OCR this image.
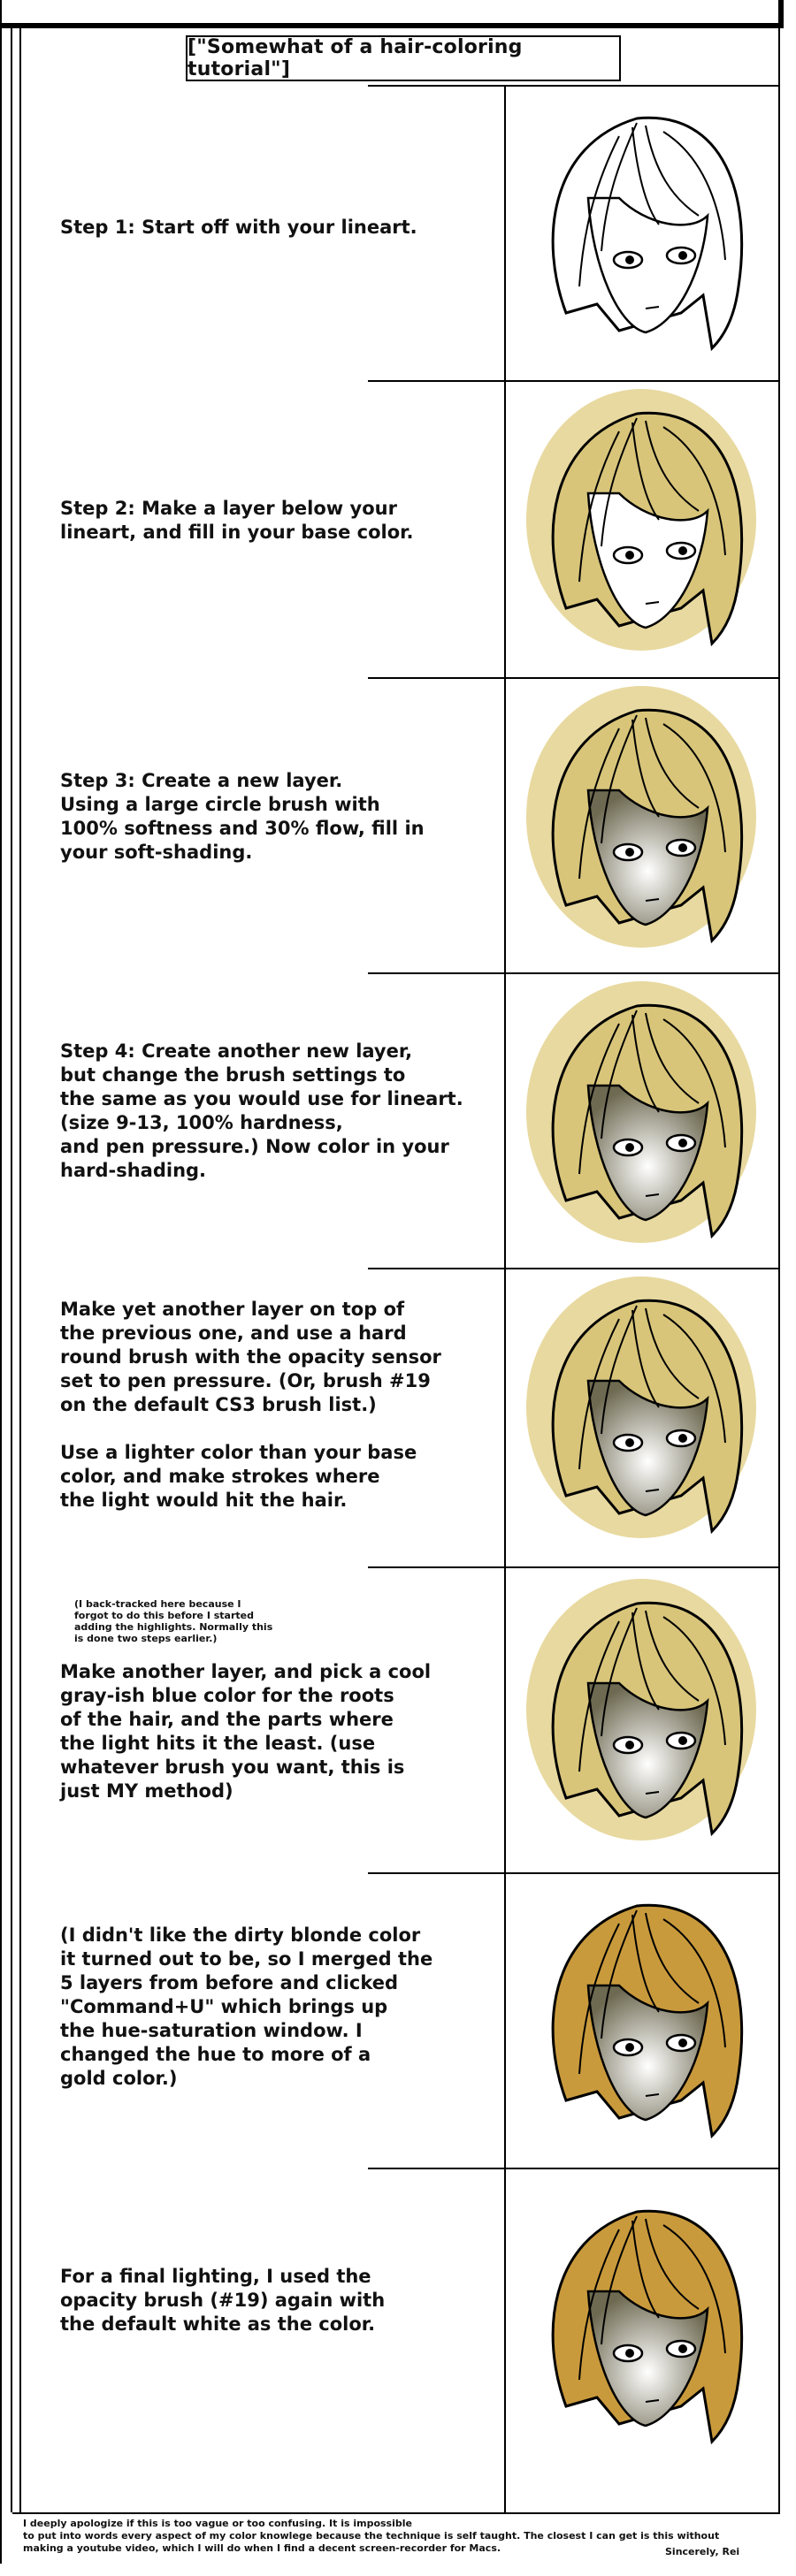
["Somewhat of a hair-coloring tutorial"]
Step 1: Start off with your lineart.
Step 2: Make a layer below your
lineart, and fill in your base color.
Step 3: Create a new layer.
Using a large circle brush with
100% softness and 30% flow, fill in
your soft-shading.
Step 4: Create another new layer,
but change the brush settings to
the same as you would use for lineart.
(size 9-13, 100% hardness,
and pen pressure.) Now color in your
hard-shading.
Make yet another layer on top of
the previous one, and use a hard
round brush with the opacity sensor
set to pen pressure. (Or, brush #19
on the default CS3 brush list.)

Use a lighter color than your base
color, and make strokes where
the light would hit the hair.
(I back-tracked here because I
forgot to do this before I started
adding the highlights. Normally this
is done two steps earlier.)
Make another layer, and pick a cool
gray-ish blue color for the roots
of the hair, and the parts where
the light hits it the least. (use
whatever brush you want, this is
just MY method)
(I didn't like the dirty blonde color
it turned out to be, so I merged the
5 layers from before and clicked
"Command+U" which brings up
the hue-saturation window. I
changed the hue to more of a
gold color.)
For a final lighting, I used the
opacity brush (#19) again with
the default white as the color.
I deeply apologize if this is too vague or too confusing. It is impossible
to put into words every aspect of my color knowlege because the technique is self taught. The closest I can get is this without
making a youtube video, which I will do when I find a decent screen-recorder for Macs.	Sincerely, Rei
